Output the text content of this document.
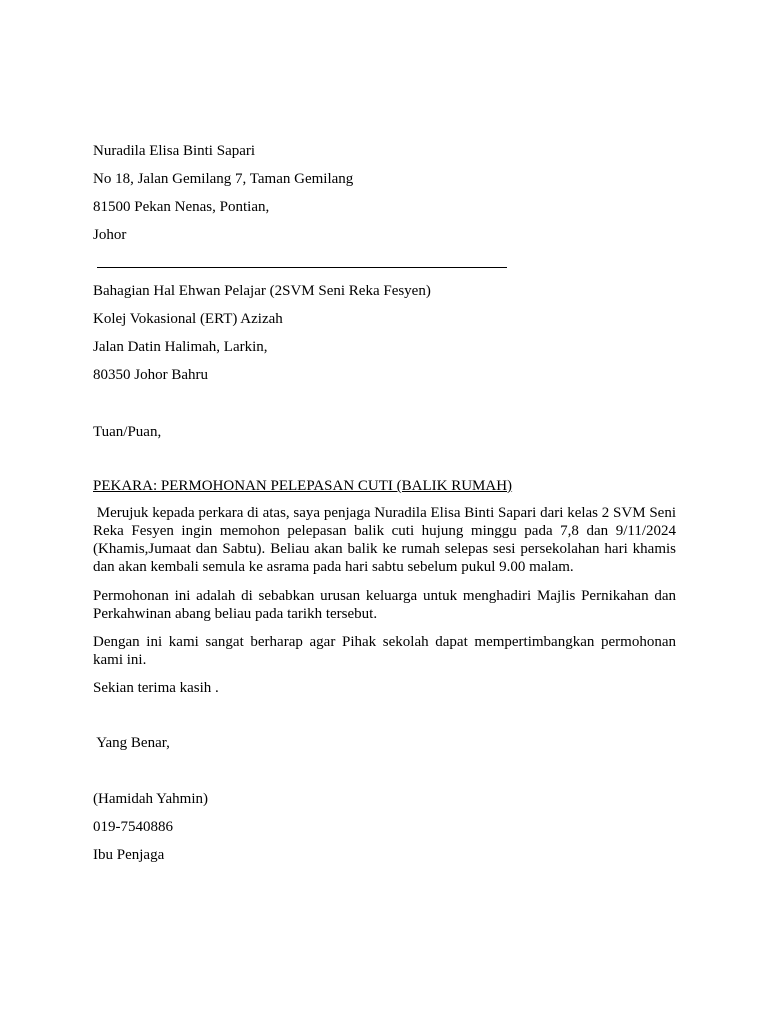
Nuradila Elisa Binti Sapari
No 18, Jalan Gemilang 7, Taman Gemilang
81500 Pekan Nenas, Pontian,
Johor
Bahagian Hal Ehwan Pelajar (2SVM Seni Reka Fesyen)
Kolej Vokasional (ERT) Azizah
Jalan Datin Halimah, Larkin,
80350 Johor Bahru
Tuan/Puan,
PEKARA: PERMOHONAN PELEPASAN CUTI (BALIK RUMAH)
Merujuk kepada perkara di atas, saya penjaga Nuradila Elisa Binti Sapari dari kelas 2 SVM Seni Reka Fesyen ingin memohon pelepasan balik cuti hujung minggu pada 7,8 dan 9/11/2024 (Khamis,Jumaat dan Sabtu). Beliau akan balik ke rumah selepas sesi persekolahan hari khamis dan akan kembali semula ke asrama pada hari sabtu sebelum pukul 9.00 malam.
Permohonan ini adalah di sebabkan urusan keluarga untuk menghadiri Majlis Pernikahan dan Perkahwinan abang beliau pada tarikh tersebut.
Dengan ini kami sangat berharap agar Pihak sekolah dapat mempertimbangkan permohonan kami ini.
Sekian terima kasih .
Yang Benar,
(Hamidah Yahmin)
019-7540886
Ibu Penjaga
